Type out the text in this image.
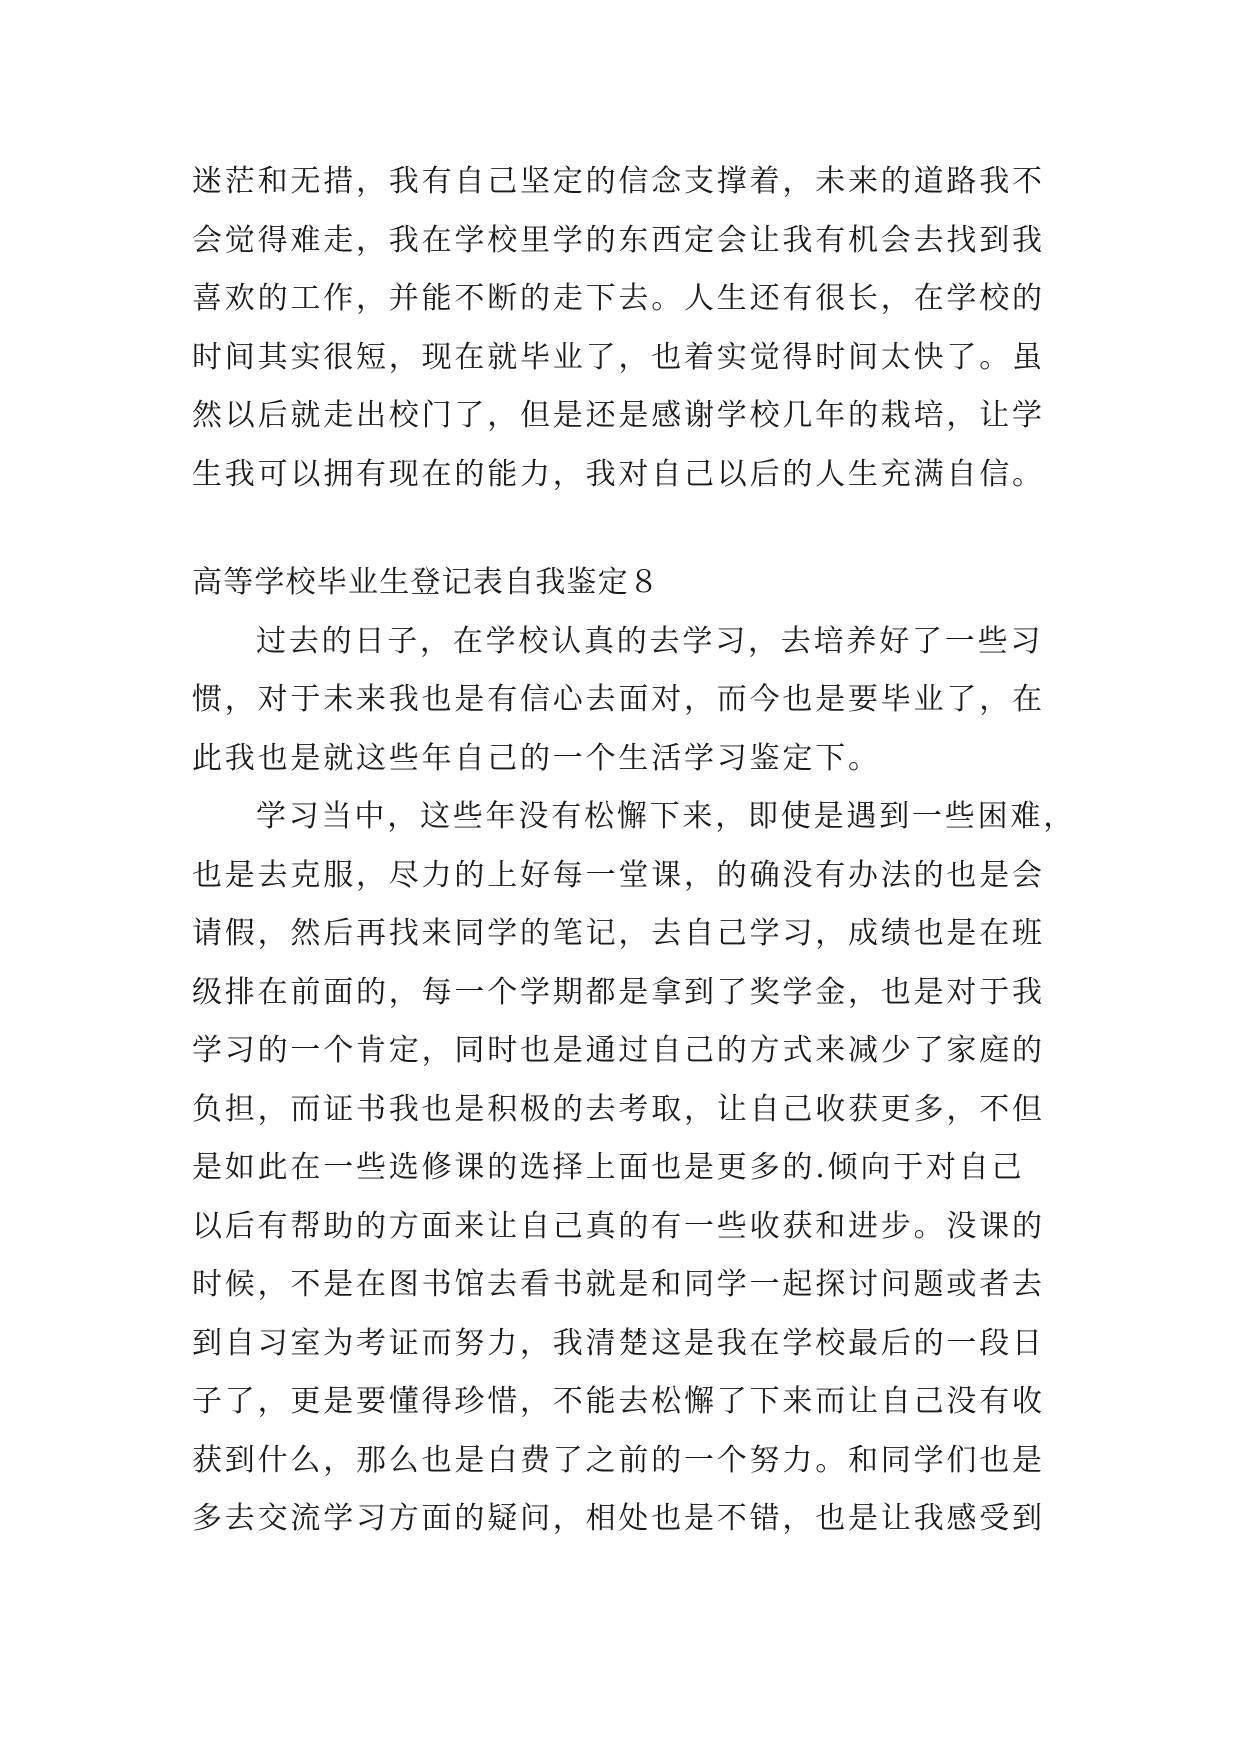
迷茫和无措，我有自己坚定的信念支撑着，未来的道路我不
会觉得难走，我在学校里学的东西定会让我有机会去找到我
喜欢的工作，并能不断的走下去。人生还有很长，在学校的
时间其实很短，现在就毕业了，也着实觉得时间太快了。虽
然以后就走出校门了，但是还是感谢学校几年的栽培，让学
生我可以拥有现在的能力，我对自己以后的人生充满自信。
高等学校毕业生登记表自我鉴定８
过去的日子，在学校认真的去学习，去培养好了一些习
惯，对于未来我也是有信心去面对，而今也是要毕业了，在
此我也是就这些年自己的一个生活学习鉴定下。
学习当中，这些年没有松懈下来，即使是遇到一些困难，
也是去克服，尽力的上好每一堂课，的确没有办法的也是会
请假，然后再找来同学的笔记，去自己学习，成绩也是在班
级排在前面的，每一个学期都是拿到了奖学金，也是对于我
学习的一个肯定，同时也是通过自己的方式来减少了家庭的
负担，而证书我也是积极的去考取，让自己收获更多，不但
是如此在一些选修课的选择上面也是更多的.倾向于对自己
以后有帮助的方面来让自己真的有一些收获和进步。没课的
时候，不是在图书馆去看书就是和同学一起探讨问题或者去
到自习室为考证而努力，我清楚这是我在学校最后的一段日
子了，更是要懂得珍惜，不能去松懈了下来而让自己没有收
获到什么，那么也是白费了之前的一个努力。和同学们也是
多去交流学习方面的疑问，相处也是不错，也是让我感受到
